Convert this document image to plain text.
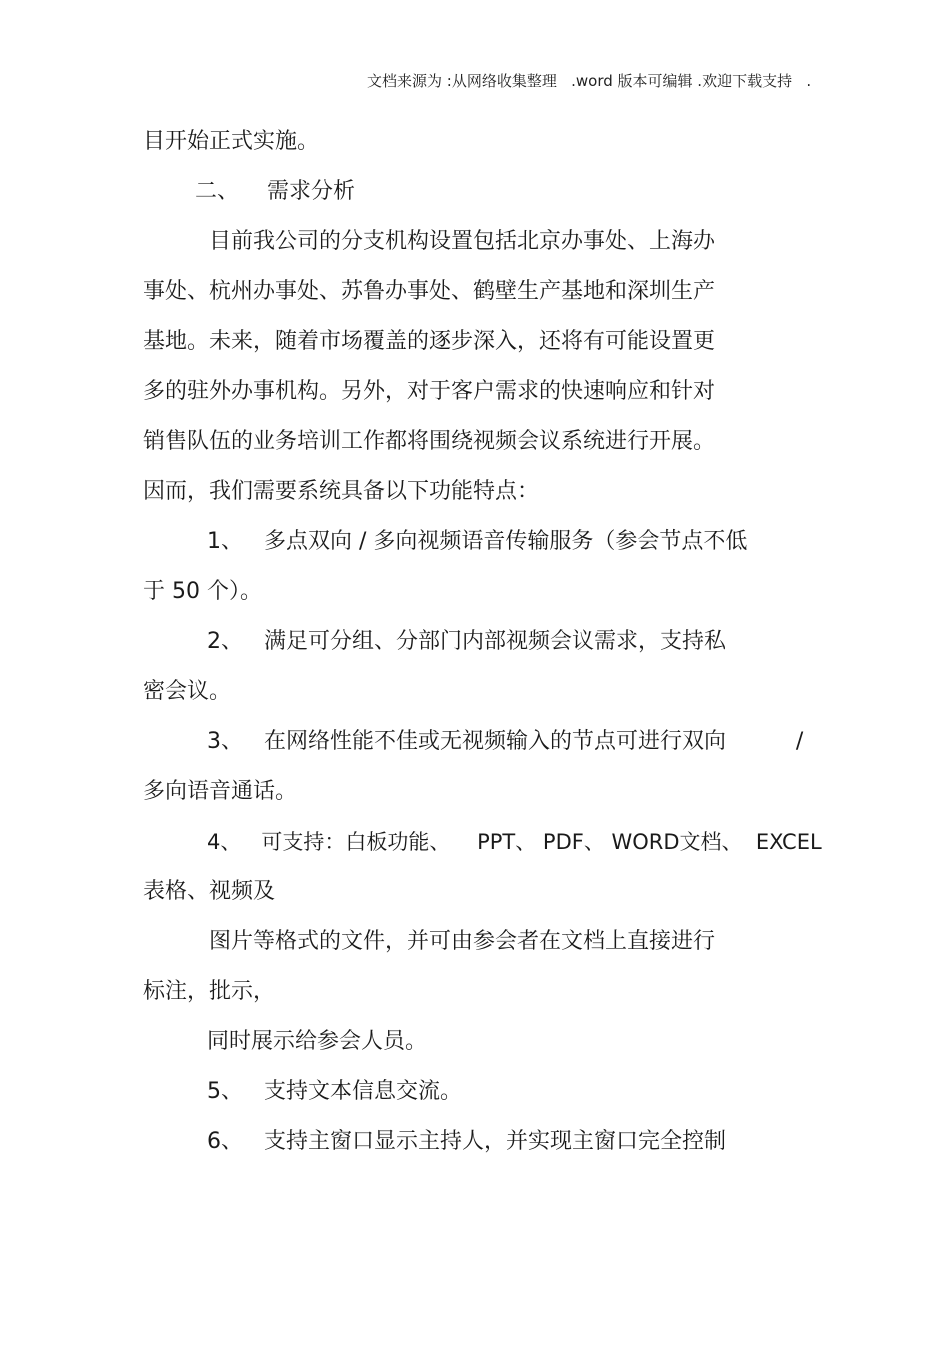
文档来源为 :从网络收集整理   .word 版本可编辑 .欢迎下载支持   .
目开始正式实施。
二、    需求分析
目前我公司的分支机构设置包括北京办事处、上海办
事处、杭州办事处、苏鲁办事处、鹤壁生产基地和深圳生产
基地。未来，随着市场覆盖的逐步深入，还将有可能设置更
多的驻外办事机构。另外，对于客户需求的快速响应和针对
销售队伍的业务培训工作都将围绕视频会议系统进行开展。
因而，我们需要系统具备以下功能特点：
1、   多点双向 / 多向视频语音传输服务（参会节点不低
于 50 个）。
2、   满足可分组、分部门内部视频会议需求，支持私
密会议。
3、   在网络性能不佳或无视频输入的节点可进行双向          /
多向语音通话。
4、   可支持：白板功能、    PPT、 PDF、 WORD文档、  EXCEL
表格、视频及
图片等格式的文件，并可由参会者在文档上直接进行
标注，批示，
同时展示给参会人员。
5、   支持文本信息交流。
6、   支持主窗口显示主持人，并实现主窗口完全控制
